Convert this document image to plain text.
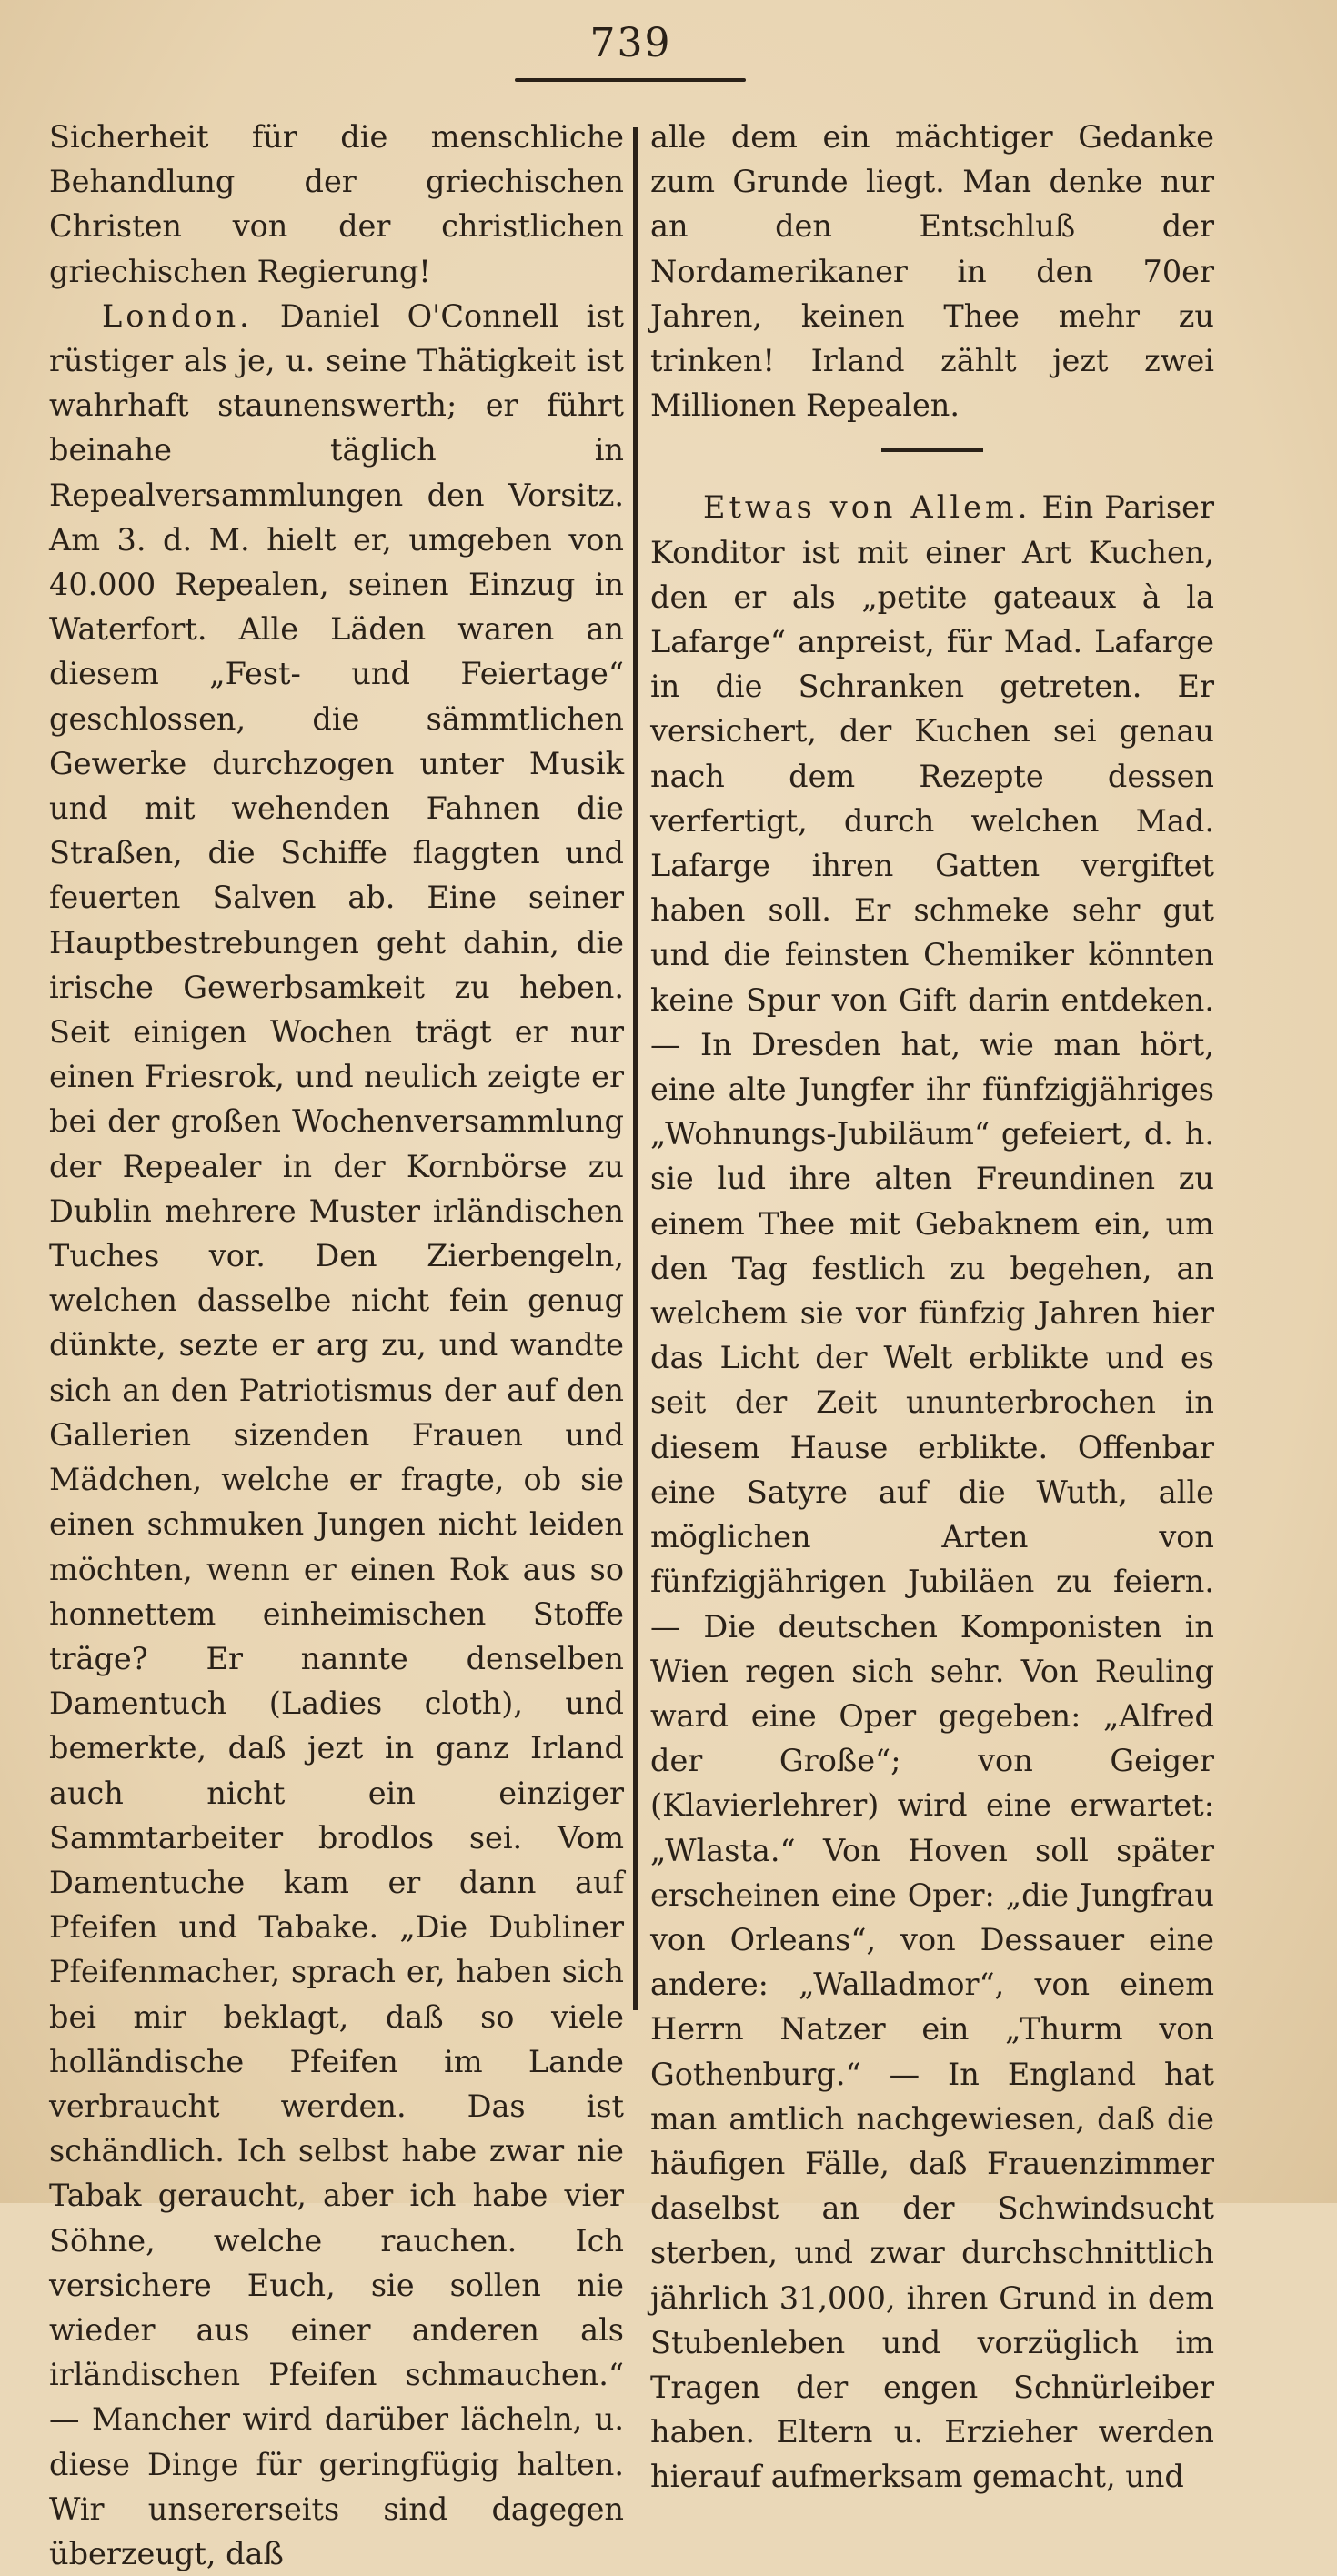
739

Sicherheit für die menschliche Behandlung der griechischen Christen von der christlichen griechischen Regierung!

London. Daniel O'Connell ist rüstiger als je, u. seine Thätigkeit ist wahrhaft staunenswerth; er führt beinahe täglich in Repealversammlungen den Vorsitz. Am 3. d. M. hielt er, umgeben von 40.000 Repealen, seinen Einzug in Waterfort. Alle Läden waren an diesem „Fest- und Feiertage“ geschlossen, die sämmtlichen Gewerke durchzogen unter Musik und mit wehenden Fahnen die Straßen, die Schiffe flaggten und feuerten Salven ab. Eine seiner Hauptbestrebungen geht dahin, die irische Gewerbsamkeit zu heben. Seit einigen Wochen trägt er nur einen Friesrok, und neulich zeigte er bei der großen Wochenversammlung der Repealer in der Kornbörse zu Dublin mehrere Muster irländischen Tuches vor. Den Zierbengeln, welchen dasselbe nicht fein genug dünkte, sezte er arg zu, und wandte sich an den Patriotismus der auf den Gallerien sizenden Frauen und Mädchen, welche er fragte, ob sie einen schmuken Jungen nicht leiden möchten, wenn er einen Rok aus so honnettem einheimischen Stoffe träge? Er nannte denselben Damentuch (Ladies cloth), und bemerkte, daß jezt in ganz Irland auch nicht ein einziger Sammtarbeiter brodlos sei. Vom Damentuche kam er dann auf Pfeifen und Tabake. „Die Dubliner Pfeifenmacher, sprach er, haben sich bei mir beklagt, daß so viele holländische Pfeifen im Lande verbraucht werden. Das ist schändlich. Ich selbst habe zwar nie Tabak geraucht, aber ich habe vier Söhne, welche rauchen. Ich versichere Euch, sie sollen nie wieder aus einer anderen als irländischen Pfeifen schmauchen.“ — Mancher wird darüber lächeln, u. diese Dinge für geringfügig halten. Wir unsererseits sind dagegen überzeugt, daß

alle dem ein mächtiger Gedanke zum Grunde liegt. Man denke nur an den Entschluß der Nordamerikaner in den 70er Jahren, keinen Thee mehr zu trinken! Irland zählt jezt zwei Millionen Repealen.

Etwas von Allem. Ein Pariser Konditor ist mit einer Art Kuchen, den er als „petite gateaux à la Lafarge“ anpreist, für Mad. Lafarge in die Schranken getreten. Er versichert, der Kuchen sei genau nach dem Rezepte dessen verfertigt, durch welchen Mad. Lafarge ihren Gatten vergiftet haben soll. Er schmeke sehr gut und die feinsten Chemiker könnten keine Spur von Gift darin entdeken. — In Dresden hat, wie man hört, eine alte Jungfer ihr fünfzigjähriges „Wohnungs-Jubiläum“ gefeiert, d. h. sie lud ihre alten Freundinen zu einem Thee mit Gebaknem ein, um den Tag festlich zu begehen, an welchem sie vor fünfzig Jahren hier das Licht der Welt erblikte und es seit der Zeit ununterbrochen in diesem Hause erblikte. Offenbar eine Satyre auf die Wuth, alle möglichen Arten von fünfzigjährigen Jubiläen zu feiern. — Die deutschen Komponisten in Wien regen sich sehr. Von Reuling ward eine Oper gegeben: „Alfred der Große“; von Geiger (Klavierlehrer) wird eine erwartet: „Wlasta.“ Von Hoven soll später erscheinen eine Oper: „die Jungfrau von Orleans“, von Dessauer eine andere: „Walladmor“, von einem Herrn Natzer ein „Thurm von Gothenburg.“ — In England hat man amtlich nachgewiesen, daß die häufigen Fälle, daß Frauenzimmer daselbst an der Schwindsucht sterben, und zwar durchschnittlich jährlich 31,000, ihren Grund in dem Stubenleben und vorzüglich im Tragen der engen Schnürleiber haben. Eltern u. Erzieher werden hierauf aufmerksam gemacht, und
